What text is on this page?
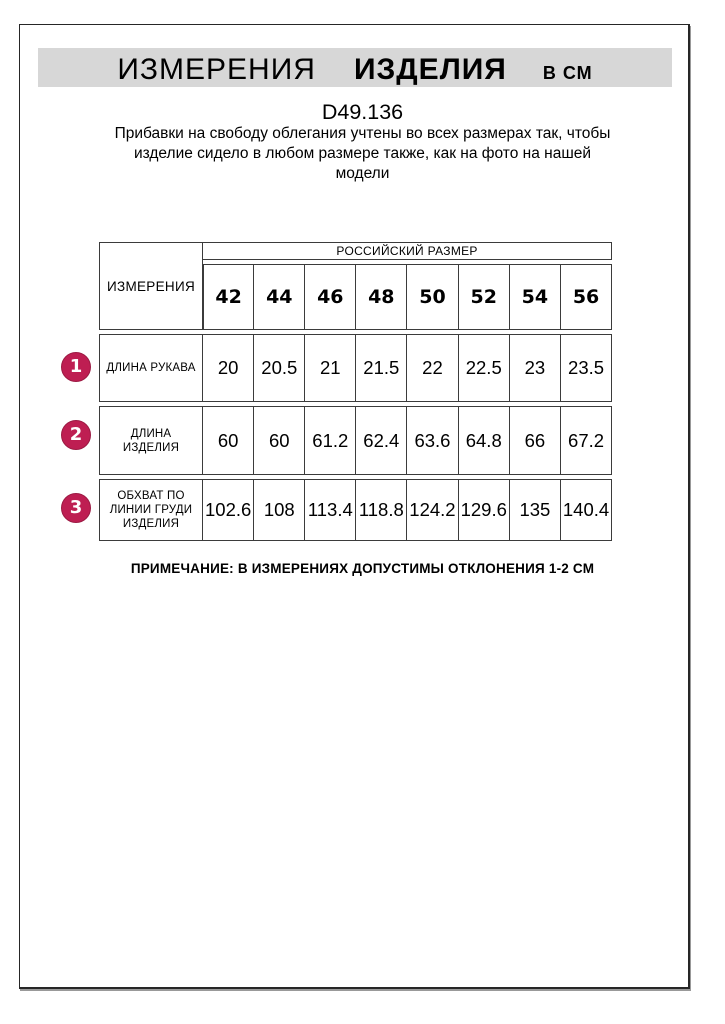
ИЗМЕРЕНИЯ ИЗДЕЛИЯ В СМ
D49.136
Прибавки на свободу облегания учтены во всех размерах так, чтобы
изделие сидело в любом размере также, как на фото на нашей
модели
ИЗМЕРЕНИЯ	РОССИЙСКИЙ РАЗМЕР							
	42	44	46	48	50	52	54	56
ДЛИНА РУКАВА	20	20.5	21	21.5	22	22.5	23	23.5
ДЛИНА ИЗДЕЛИЯ	60	60	61.2	62.4	63.6	64.8	66	67.2
ОБХВАТ ПО ЛИНИИ ГРУДИ ИЗДЕЛИЯ	102.6	108	113.4	118.8	124.2	129.6	135	140.4
1
2
3
ПРИМЕЧАНИЕ: В ИЗМЕРЕНИЯХ ДОПУСТИМЫ ОТКЛОНЕНИЯ 1-2 СМ
